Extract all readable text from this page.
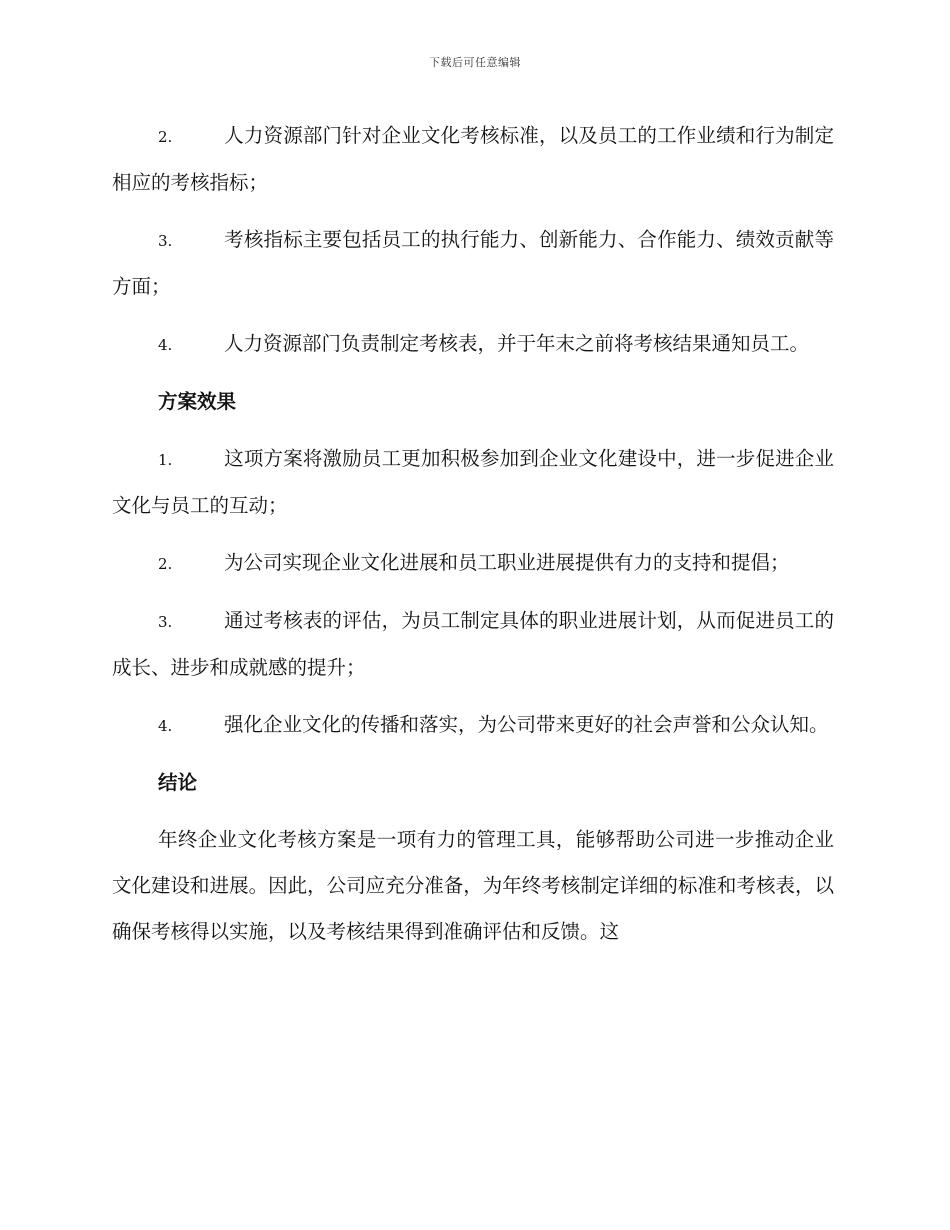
下载后可任意编辑
2.	人力资源部门针对企业文化考核标准，以及员工的工作业绩和行为制定相应的考核指标；
3.	考核指标主要包括员工的执行能力、创新能力、合作能力、绩效贡献等方面；
4.	人力资源部门负责制定考核表，并于年末之前将考核结果通知员工。
方案效果
1.	这项方案将激励员工更加积极参加到企业文化建设中，进一步促进企业文化与员工的互动；
2.	为公司实现企业文化进展和员工职业进展提供有力的支持和提倡；
3.	通过考核表的评估，为员工制定具体的职业进展计划，从而促进员工的成长、进步和成就感的提升；
4.	强化企业文化的传播和落实，为公司带来更好的社会声誉和公众认知。
结论

年终企业文化考核方案是一项有力的管理工具，能够帮助公司进一步推动企业文化建设和进展。因此，公司应充分准备，为年终考核制定详细的标准和考核表，以确保考核得以实施，以及考核结果得到准确评估和反馈。这
